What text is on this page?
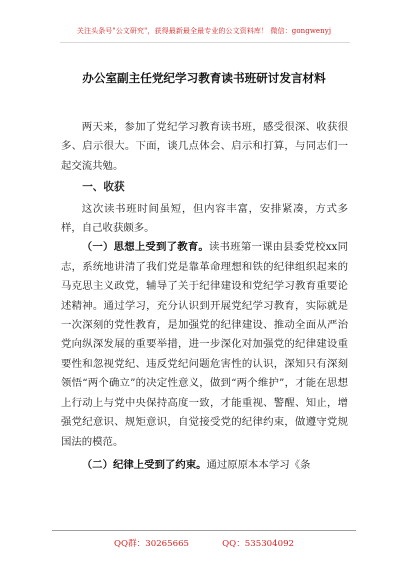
关注头条号"公文研究"，获得最新最全最专业的公文资料库！ 微信：gongwenyj
办公室副主任党纪学习教育读书班研讨发言材料

两天来，参加了党纪学习教育读书班，感受很深、收获很多、启示很大。下面，谈几点体会、启示和打算，与同志们一起交流共勉。

一、收获

这次读书班时间虽短，但内容丰富，安排紧凑，方式多样，自己收获颇多。

（一）思想上受到了教育。读书班第一课由县委党校xx同志，系统地讲清了我们党是靠革命理想和铁的纪律组织起来的马克思主义政党，辅导了关于纪律建设和党纪学习教育重要论述精神。通过学习，充分认识到开展党纪学习教育，实际就是一次深刻的党性教育，是加强党的纪律建设、推动全面从严治党向纵深发展的重要举措，进一步深化对加强党的纪律建设重要性和忽视党纪、违反党纪问题危害性的认识，深知只有深刻领悟“两个确立”的决定性意义，做到“两个维护”，才能在思想上行动上与党中央保持高度一致，才能重视、警醒、知止，增强党纪意识、规矩意识，自觉接受党的纪律约束，做遵守党规国法的模范。

（二）纪律上受到了约束。通过原原本本学习《条

QQ群：30265665	QQ：535304092
